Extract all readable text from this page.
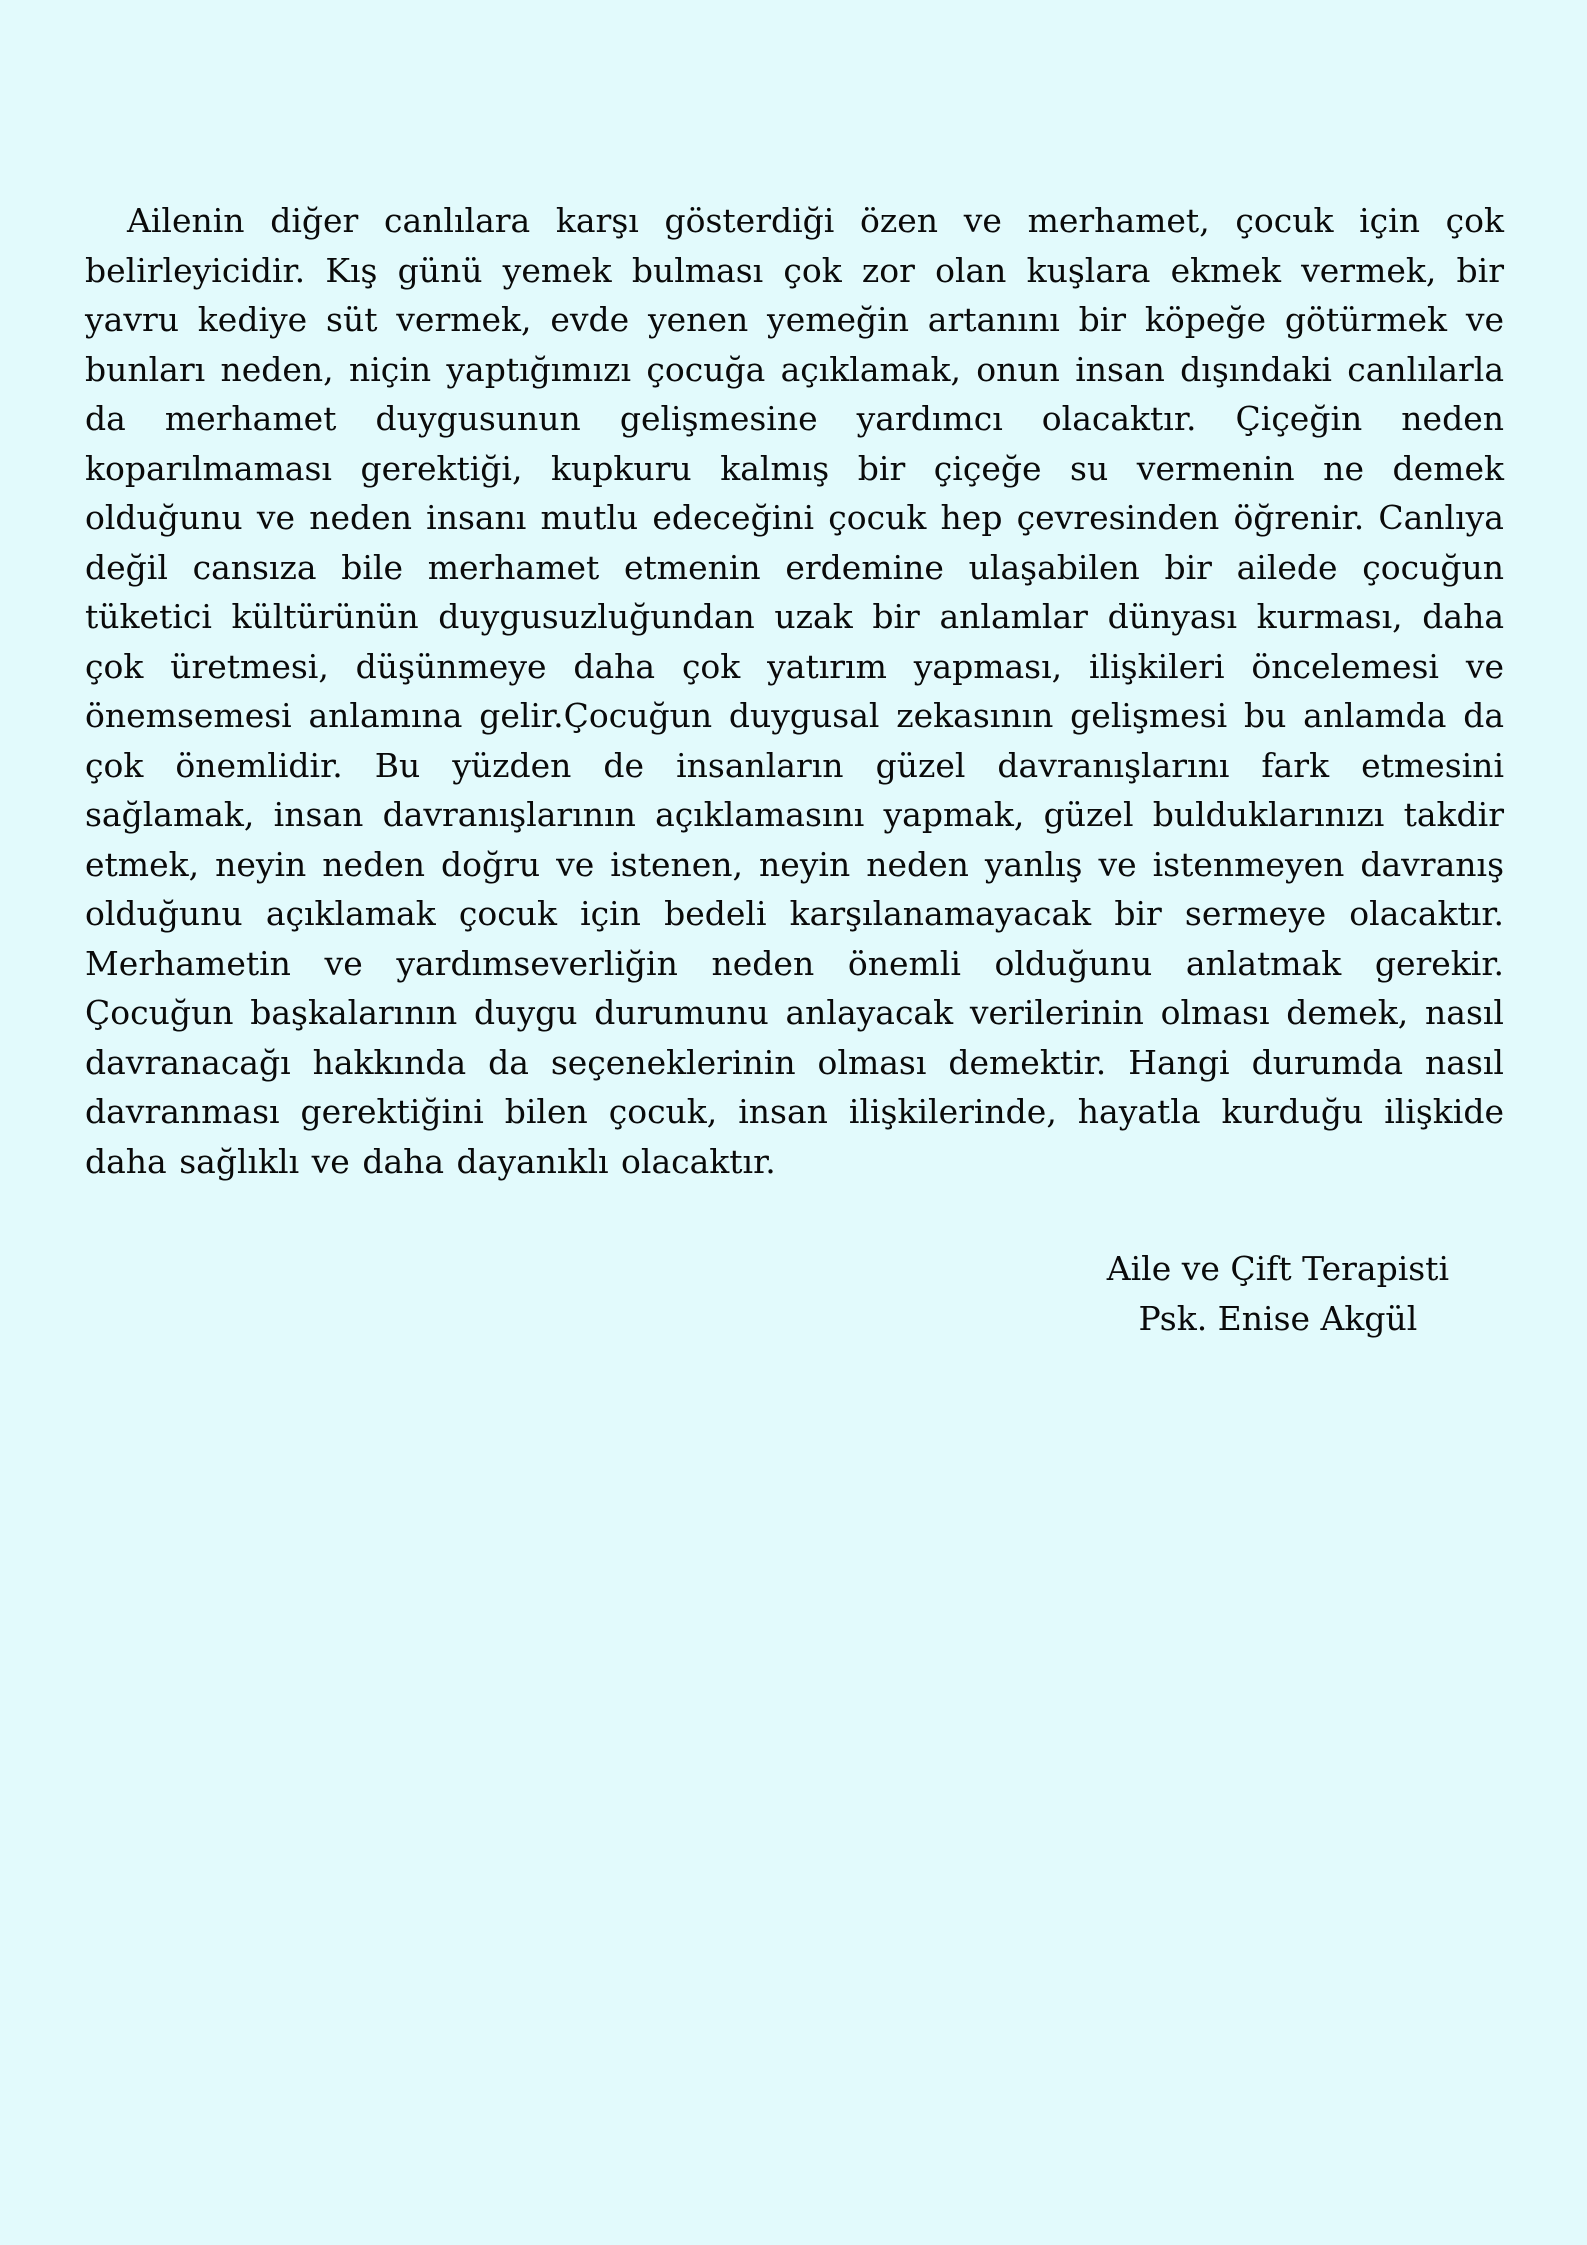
Ailenin diğer canlılara karşı gösterdiği özen ve merhamet, çocuk için çok belirleyicidir. Kış günü yemek bulması çok zor olan kuşlara ekmek vermek, bir yavru kediye süt vermek, evde yenen yemeğin artanını bir köpeğe götürmek ve bunları neden, niçin yaptığımızı çocuğa açıklamak, onun insan dışındaki canlılarla da merhamet duygusunun gelişmesine yardımcı olacaktır. Çiçeğin neden koparılmaması gerektiği, kupkuru kalmış bir çiçeğe su vermenin ne demek olduğunu ve neden insanı mutlu edeceğini çocuk hep çevresinden öğrenir. Canlıya değil cansıza bile merhamet etmenin erdemine ulaşabilen bir ailede çocuğun tüketici kültürünün duygusuzluğundan uzak bir anlamlar dünyası kurması, daha çok üretmesi, düşünmeye daha çok yatırım yapması, ilişkileri öncelemesi ve önemsemesi anlamına gelir.Çocuğun duygusal zekasının gelişmesi bu anlamda da çok önemlidir. Bu yüzden de insanların güzel davranışlarını fark etmesini sağlamak, insan davranışlarının açıklamasını yapmak, güzel bulduklarınızı takdir etmek, neyin neden doğru ve istenen, neyin neden yanlış ve istenmeyen davranış olduğunu açıklamak çocuk için bedeli karşılanamayacak bir sermeye olacaktır. Merhametin ve yardımseverliğin neden önemli olduğunu anlatmak gerekir. Çocuğun başkalarının duygu durumunu anlayacak verilerinin olması demek, nasıl davranacağı hakkında da seçeneklerinin olması demektir. Hangi durumda nasıl davranması gerektiğini bilen çocuk, insan ilişkilerinde, hayatla kurduğu ilişkide daha sağlıklı ve daha dayanıklı olacaktır.

Aile ve Çift Terapisti
Psk. Enise Akgül
